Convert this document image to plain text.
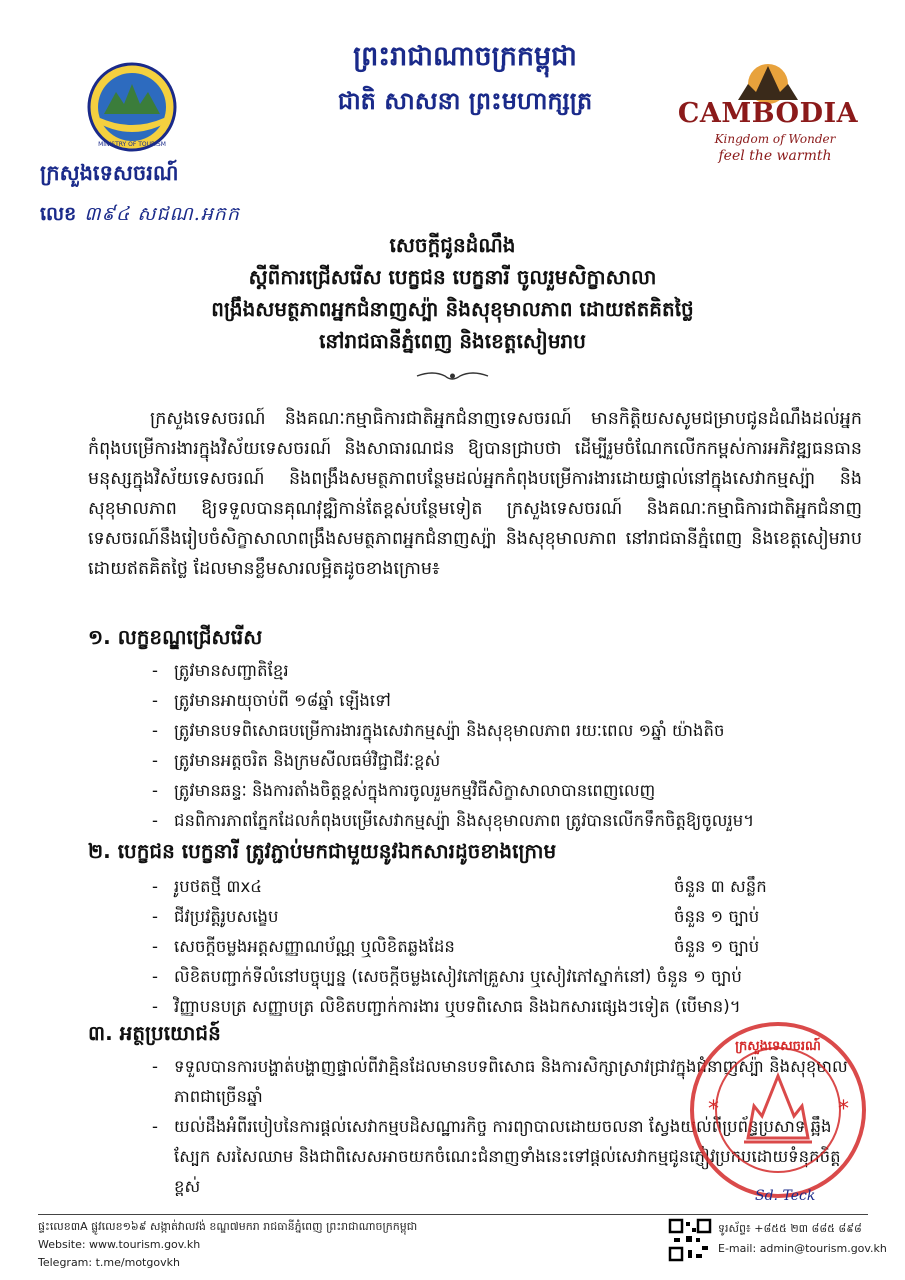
MINISTRY OF TOURISM
ព្រះរាជាណាចក្រកម្ពុជា
ជាតិ សាសនា ព្រះមហាក្សត្រ
ក្រសួងទេសចរណ៍
លេខ ៣៩៤ សជណ.អកក
CAMBODIA
Kingdom of Wonder
feel the warmth
សេចក្តីជូនដំណឹង
ស្តីពីការជ្រើសរើស បេក្ខជន បេក្ខនារី ចូលរួមសិក្ខាសាលា
ពង្រឹងសមត្ថភាពអ្នកជំនាញស្ប៉ា និងសុខុមាលភាព ដោយឥតគិតថ្លៃ
នៅរាជធានីភ្នំពេញ និងខេត្តសៀមរាប
ក្រសួងទេសចរណ៍ និងគណៈកម្មាធិការជាតិអ្នកជំនាញទេសចរណ៍ មានកិត្តិយសសូមជម្រាបជូនដំណឹងដល់អ្នកកំពុងបម្រើការងារក្នុងវិស័យទេសចរណ៍ និងសាធារណជន ឱ្យបានជ្រាបថា ដើម្បីរួមចំណែកលើកកម្ពស់ការអភិវឌ្ឍធនធានមនុស្សក្នុងវិស័យទេសចរណ៍ និងពង្រឹងសមត្ថភាពបន្ថែមដល់អ្នកកំពុងបម្រើការងារដោយផ្ទាល់នៅក្នុងសេវាកម្មស្ប៉ា និងសុខុមាលភាព ឱ្យទទួលបានគុណវុឌ្ឍិកាន់តែខ្ពស់បន្ថែមទៀត ក្រសួងទេសចរណ៍ និងគណៈកម្មាធិការជាតិអ្នកជំនាញទេសចរណ៍នឹងរៀបចំសិក្ខាសាលាពង្រឹងសមត្ថភាពអ្នកជំនាញស្ប៉ា និងសុខុមាលភាព នៅរាជធានីភ្នំពេញ និងខេត្តសៀមរាប ដោយឥតគិតថ្លៃ ដែលមានខ្លឹមសារលម្អិតដូចខាងក្រោម៖
១. លក្ខខណ្ឌជ្រើសរើស
- ត្រូវមានសញ្ជាតិខ្មែរ
- ត្រូវមានអាយុចាប់ពី ១៨ឆ្នាំ ឡើងទៅ
- ត្រូវមានបទពិសោធបម្រើការងារក្នុងសេវាកម្មស្ប៉ា និងសុខុមាលភាព រយៈពេល ១ឆ្នាំ យ៉ាងតិច
- ត្រូវមានអត្តចរិត និងក្រមសីលធម៌វិជ្ជាជីវៈខ្ពស់
- ត្រូវមានឆន្ទៈ និងការតាំងចិត្តខ្ពស់ក្នុងការចូលរួមកម្មវិធីសិក្ខាសាលាបានពេញលេញ
- ជនពិការភាពភ្នែកដែលកំពុងបម្រើសេវាកម្មស្ប៉ា និងសុខុមាលភាព ត្រូវបានលើកទឹកចិត្តឱ្យចូលរួម។
២. បេក្ខជន បេក្ខនារី ត្រូវភ្ជាប់មកជាមួយនូវឯកសារដូចខាងក្រោម
- រូបថតថ្មី ៣x៤	ចំនួន ៣ សន្លឹក
- ជីវប្រវត្តិរូបសង្ខេប	ចំនួន ១ ច្បាប់
- សេចក្តីចម្លងអត្តសញ្ញាណប័ណ្ណ ឬលិខិតឆ្លងដែន	ចំនួន ១ ច្បាប់
- លិខិតបញ្ជាក់ទីលំនៅបច្ចុប្បន្ន (សេចក្តីចម្លងសៀវភៅគ្រួសារ ឬសៀវភៅស្នាក់នៅ) ចំនួន ១ ច្បាប់
- វិញ្ញាបនបត្រ សញ្ញាបត្រ លិខិតបញ្ជាក់ការងារ ឬបទពិសោធ និងឯកសារផ្សេងៗទៀត (បើមាន)។
៣. អត្ថប្រយោជន៍
- ទទួលបានការបង្ហាត់បង្ហាញផ្ទាល់ពីវាគ្មិនដែលមានបទពិសោធ និងការសិក្សាស្រាវជ្រាវក្នុងជំនាញស្ប៉ា និងសុខុមាលភាពជាច្រើនឆ្នាំ
- យល់ដឹងអំពីរបៀបនៃការផ្តល់សេវាកម្មបដិសណ្ឋារកិច្ច ការព្យាបាលដោយចលនា ស្វែងយល់ពីប្រព័ន្ធប្រសាទ ឆ្អឹង ស្បែក សរសៃឈាម និងជាពិសេសអាចយកចំណេះជំនាញទាំងនេះទៅផ្តល់សេវាកម្មជូនភ្ញៀវប្រកបដោយទំនុកចិត្តខ្ពស់
ក្រសួងទេសចរណ៍
*	*
Sd. Teck
ផ្ទះលេខ៣A ផ្លូវលេខ១៦៩ សង្កាត់វាលវង់ ខណ្ឌ៧មករា រាជធានីភ្នំពេញ ព្រះរាជាណាចក្រកម្ពុជា
Website: www.tourism.gov.kh
Telegram: t.me/motgovkh
ទូរស័ព្ទ៖ +៨៥៥ ២៣ ៨៨៥ ៨៩៨
E-mail: admin@tourism.gov.kh
